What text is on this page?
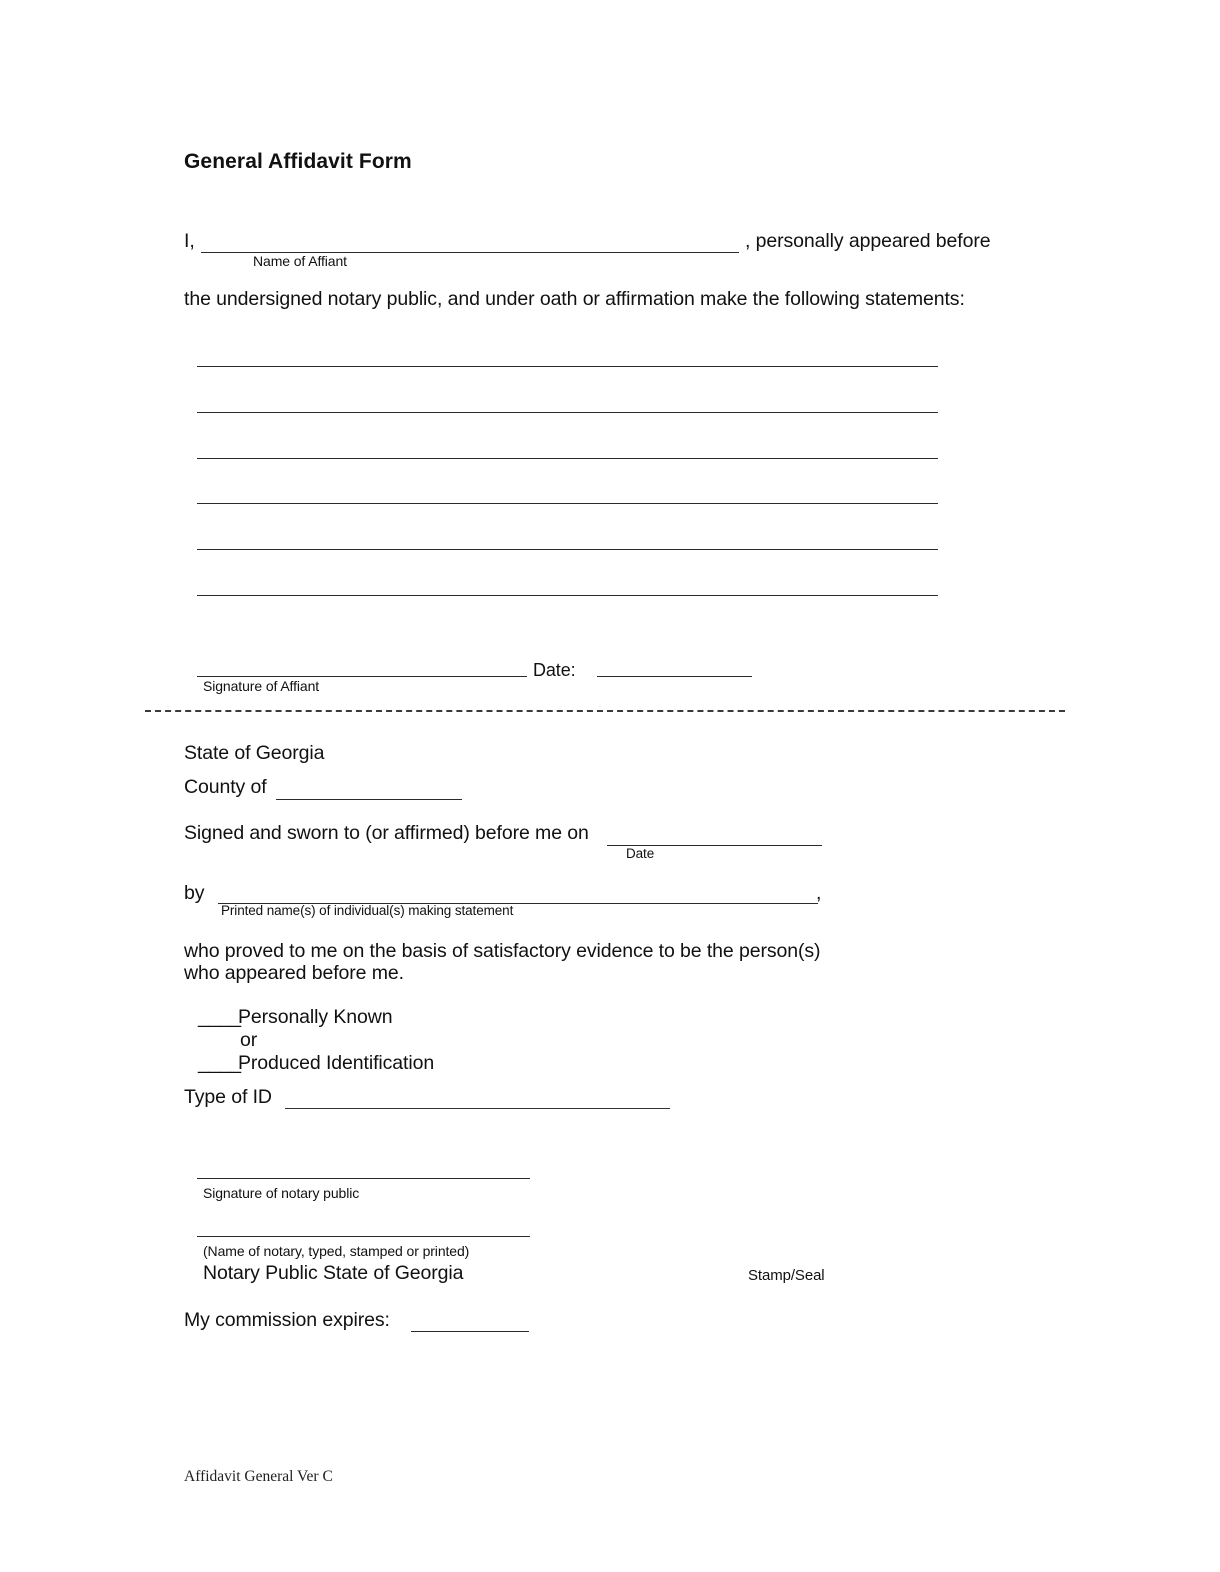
General Affidavit Form
I,
Name of Affiant
, personally appeared before
the undersigned notary public, and under oath or affirmation make the following statements:
Signature of Affiant
Date:
State of Georgia
County of
Signed and sworn to (or affirmed) before me on
Date
by	,
Printed name(s) of individual(s) making statement
who proved to me on the basis of satisfactory evidence to be the person(s)
who appeared before me.
____
Personally Known
or
____
Produced Identification
Type of ID
Signature of notary public
(Name of notary, typed, stamped or printed)
Notary Public State of Georgia	Stamp/Seal
My commission expires:
Affidavit General Ver C
